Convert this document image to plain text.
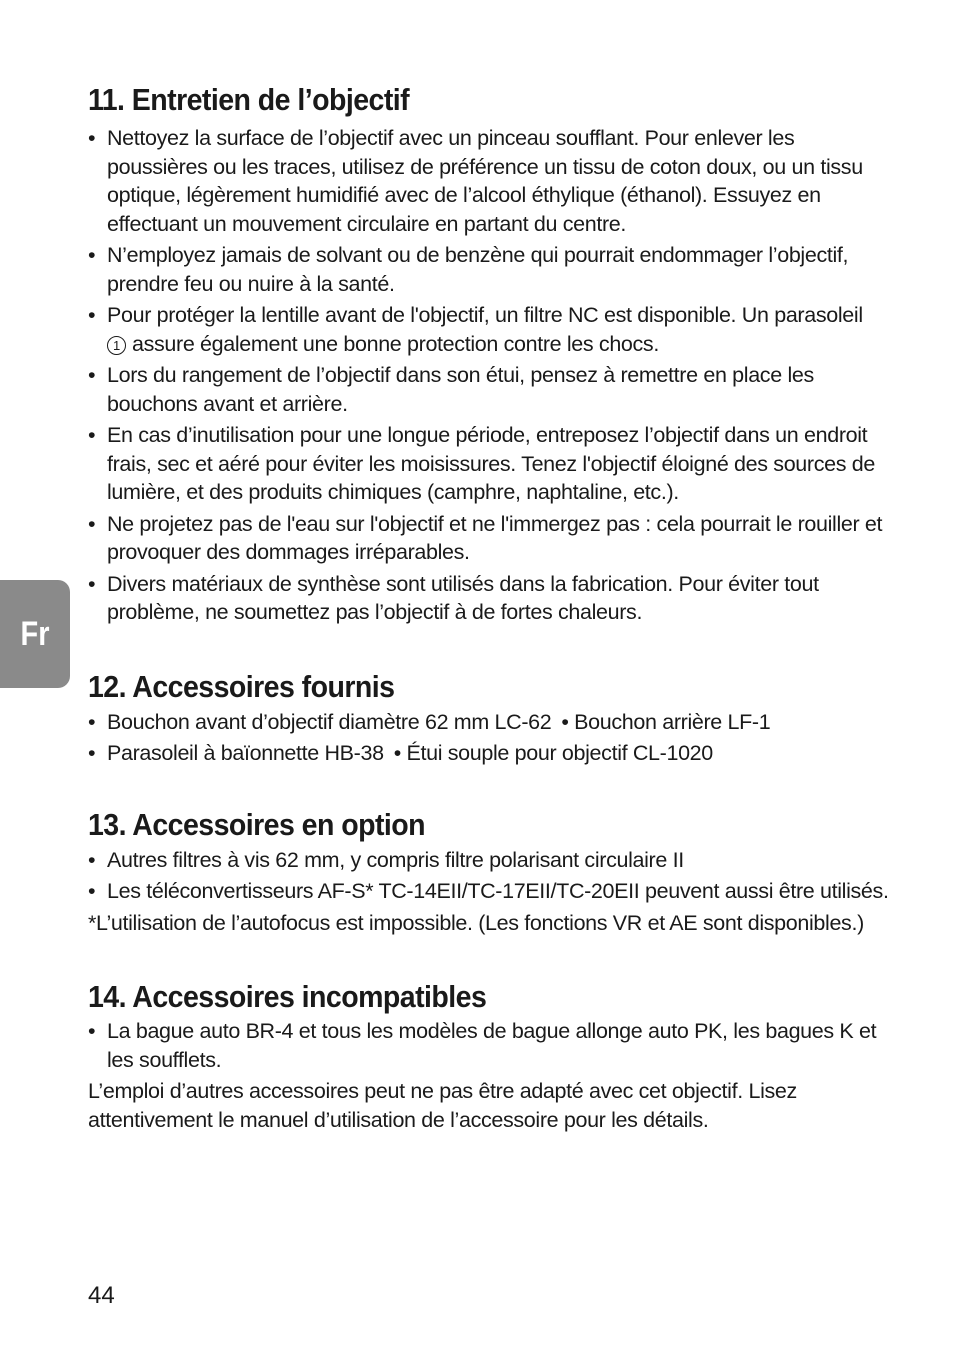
Fr
11. Entretien de l’objectif
• Nettoyez la surface de l’objectif avec un pinceau soufflant. Pour enlever les poussières ou les traces, utilisez de préférence un tissu de coton doux, ou un tissu optique, légèrement humidifié avec de l’alcool éthylique (éthanol). Essuyez en effectuant un mouvement circulaire en partant du centre.
• N’employez jamais de solvant ou de benzène qui pourrait endommager l’objectif, prendre feu ou nuire à la santé.
• Pour protéger la lentille avant de l'objectif, un filtre NC est disponible. Un parasoleil
1 assure également une bonne protection contre les chocs.
• Lors du rangement de l’objectif dans son étui, pensez à remettre en place les bouchons avant et arrière.
• En cas d’inutilisation pour une longue période, entreposez l’objectif dans un endroit frais, sec et aéré pour éviter les moisissures. Tenez l'objectif éloigné des sources de lumière, et des produits chimiques (camphre, naphtaline, etc.).
• Ne projetez pas de l'eau sur l'objectif et ne l'immergez pas : cela pourrait le rouiller et provoquer des dommages irréparables.
• Divers matériaux de synthèse sont utilisés dans la fabrication. Pour éviter tout problème, ne soumettez pas l’objectif à de fortes chaleurs.
12. Accessoires fournis
• Bouchon avant d’objectif diamètre 62 mm LC-62 • Bouchon arrière LF-1
• Parasoleil à baïonnette HB-38 • Étui souple pour objectif CL-1020
13. Accessoires en option
• Autres filtres à vis 62 mm, y compris filtre polarisant circulaire II
• Les téléconvertisseurs AF-S* TC-14EII/TC-17EII/TC-20EII peuvent aussi être utilisés.

*L’utilisation de l’autofocus est impossible. (Les fonctions VR et AE sont disponibles.)

14. Accessoires incompatibles
• La bague auto BR-4 et tous les modèles de bague allonge auto PK, les bagues K et les soufflets.

L’emploi d’autres accessoires peut ne pas être adapté avec cet objectif. Lisez attentivement le manuel d’utilisation de l’accessoire pour les détails.

44
